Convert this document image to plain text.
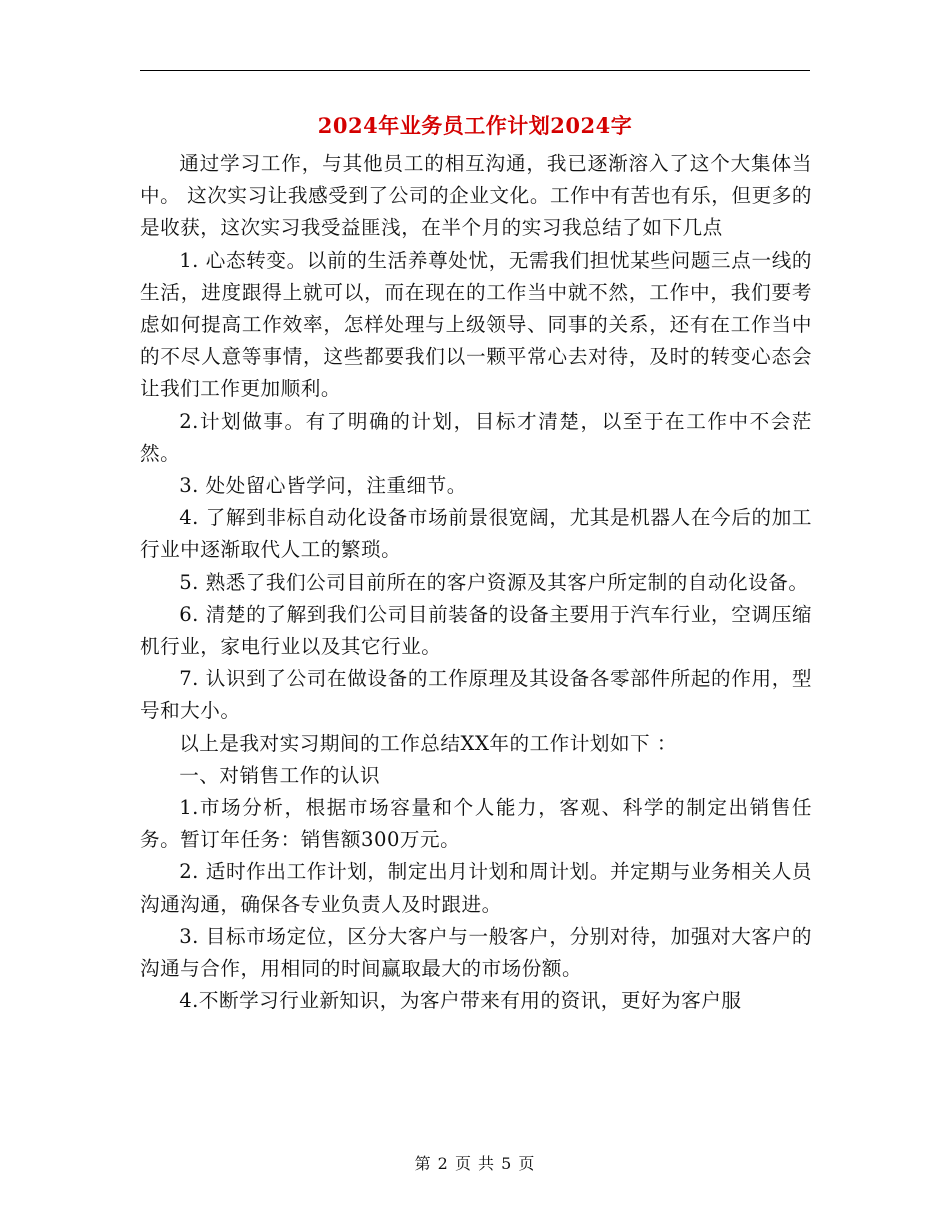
2024年业务员工作计划2024字

通过学习工作，与其他员工的相互沟通，我已逐渐溶入了这个大集体当中。 这次实习让我感受到了公司的企业文化。工作中有苦也有乐，但更多的是收获，这次实习我受益匪浅，在半个月的实习我总结了如下几点

1. 心态转变。以前的生活养尊处忧，无需我们担忧某些问题三点一线的生活，进度跟得上就可以，而在现在的工作当中就不然，工作中，我们要考虑如何提高工作效率，怎样处理与上级领导、同事的关系，还有在工作当中的不尽人意等事情，这些都要我们以一颗平常心去对待，及时的转变心态会让我们工作更加顺利。

2.计划做事。有了明确的计划，目标才清楚，以至于在工作中不会茫然。

3. 处处留心皆学问，注重细节。

4. 了解到非标自动化设备市场前景很宽阔，尤其是机器人在今后的加工行业中逐渐取代人工的繁琐。

5. 熟悉了我们公司目前所在的客户资源及其客户所定制的自动化设备。

6. 清楚的了解到我们公司目前装备的设备主要用于汽车行业，空调压缩机行业，家电行业以及其它行业。

7. 认识到了公司在做设备的工作原理及其设备各零部件所起的作用，型号和大小。

以上是我对实习期间的工作总结XX年的工作计划如下 ：

一、对销售工作的认识

1.市场分析，根据市场容量和个人能力，客观、科学的制定出销售任务。暂订年任务：销售额300万元。

2. 适时作出工作计划，制定出月计划和周计划。并定期与业务相关人员沟通沟通，确保各专业负责人及时跟进。

3. 目标市场定位，区分大客户与一般客户，分别对待，加强对大客户的沟通与合作，用相同的时间赢取最大的市场份额。

4.不断学习行业新知识，为客户带来有用的资讯，更好为客户服

第 2 页 共 5 页
